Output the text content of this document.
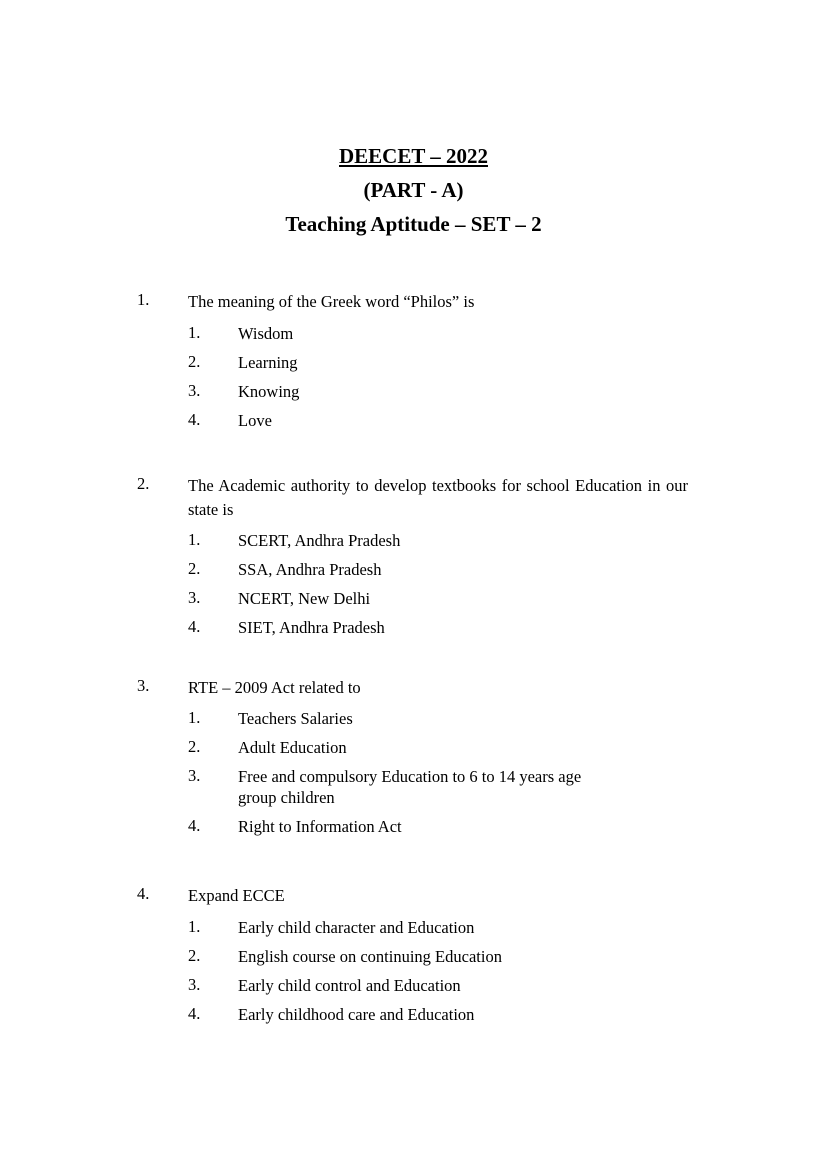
DEECET – 2022
(PART - A)
Teaching Aptitude – SET – 2
1. The meaning of the Greek word “Philos” is
1. Wisdom
2. Learning
3. Knowing
4. Love
2. The Academic authority to develop textbooks for school Education in our state is
1. SCERT, Andhra Pradesh
2. SSA, Andhra Pradesh
3. NCERT, New Delhi
4. SIET, Andhra Pradesh
3. RTE – 2009 Act related to
1. Teachers Salaries
2. Adult Education
3. Free and compulsory Education to 6 to 14 years age group children
4. Right to Information Act
4. Expand ECCE
1. Early child character and Education
2. English course on continuing Education
3. Early child control and Education
4. Early childhood care and Education
